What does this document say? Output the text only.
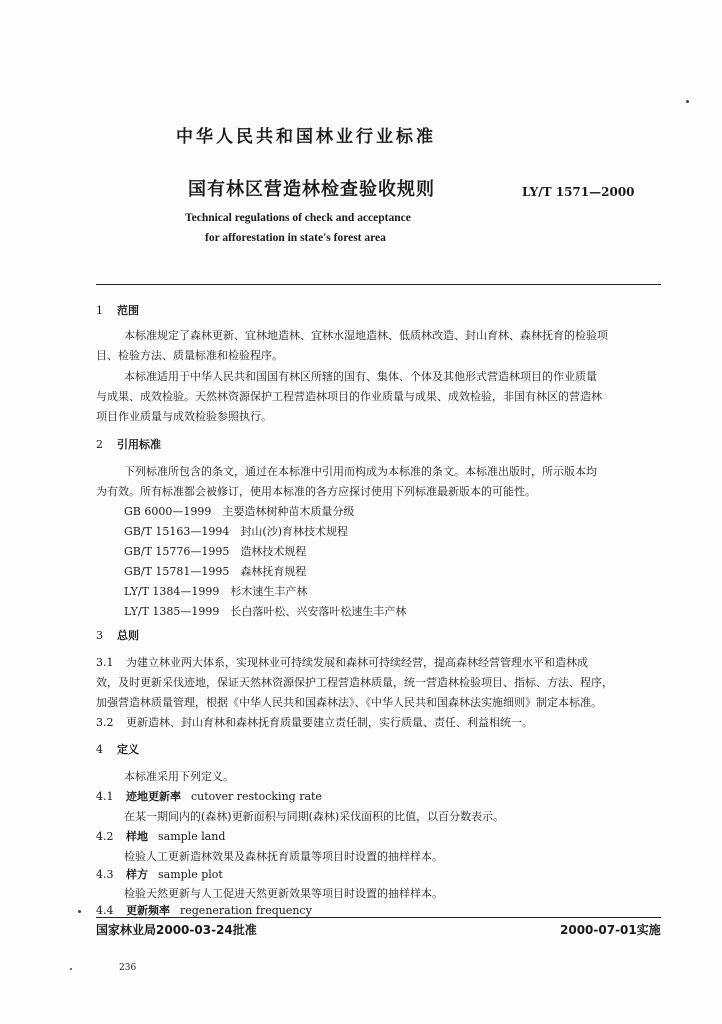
中华人民共和国林业行业标准
国有林区营造林检查验收规则	LY/T 1571—2000
Technical regulations of check and acceptance
for afforestation in state's forest area
1 范围
本标准规定了森林更新、宜林地造林、宜林水湿地造林、低质林改造、封山育林、森林抚育的检验项
目、检验方法、质量标准和检验程序。
本标准适用于中华人民共和国国有林区所辖的国有、集体、个体及其他形式营造林项目的作业质量
与成果、成效检验。天然林资源保护工程营造林项目的作业质量与成果、成效检验，非国有林区的营造林
项目作业质量与成效检验参照执行。
2 引用标准
下列标准所包含的条文，通过在本标准中引用而构成为本标准的条文。本标准出版时，所示版本均
为有效。所有标准都会被修订，使用本标准的各方应探讨使用下列标准最新版本的可能性。
GB 6000—1999　主要造林树种苗木质量分级
GB/T 15163—1994　封山(沙)育林技术规程
GB/T 15776—1995　造林技术规程
GB/T 15781—1995　森林抚育规程
LY/T 1384—1999　杉木速生丰产林
LY/T 1385—1999　长白落叶松、兴安落叶松速生丰产林
3 总则
3.1 为建立林业两大体系，实现林业可持续发展和森林可持续经营，提高森林经营管理水平和造林成
效，及时更新采伐迹地，保证天然林资源保护工程营造林质量，统一营造林检验项目、指标、方法、程序，
加强营造林质量管理，根据《中华人民共和国森林法》、《中华人民共和国森林法实施细则》制定本标准。
3.2 更新造林、封山育林和森林抚育质量要建立责任制，实行质量、责任、利益相统一。
4 定义
本标准采用下列定义。
4.1 迹地更新率 cutover restocking rate
在某一期间内的(森林)更新面积与同期(森林)采伐面积的比值，以百分数表示。
4.2 样地 sample land
检验人工更新造林效果及森林抚育质量等项目时设置的抽样样本。
4.3 样方 sample plot
检验天然更新与人工促进天然更新效果等项目时设置的抽样样本。
4.4 更新频率 regeneration frequency
国家林业局2000-03-24批准	2000-07-01实施
236
